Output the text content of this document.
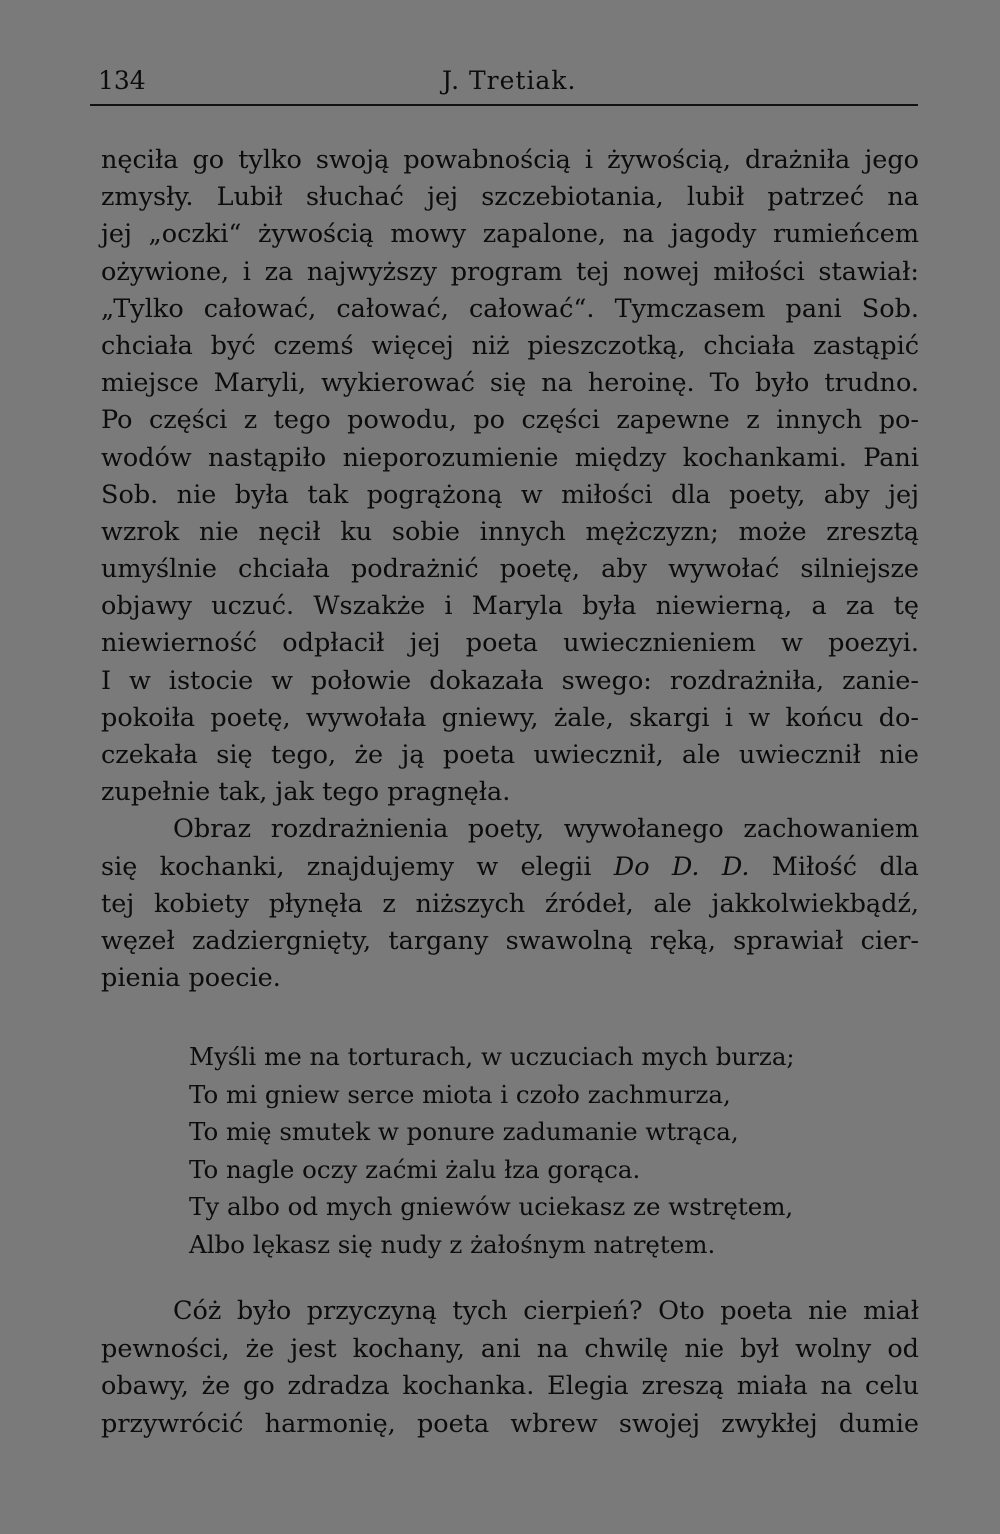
134	J. Tretiak.
nęciła go tylko swoją powabnością i żywością, drażniła jego
zmysły. Lubił słuchać jej szczebiotania, lubił patrzeć na
jej „oczki“ żywością mowy zapalone, na jagody rumieńcem
ożywione, i za najwyższy program tej nowej miłości stawiał:
„Tylko całować, całować, całować“. Tymczasem pani Sob.
chciała być czemś więcej niż pieszczotką, chciała zastąpić
miejsce Maryli, wykierować się na heroinę. To było trudno.
Po części z tego powodu, po części zapewne z innych po-
wodów nastąpiło nieporozumienie między kochankami. Pani
Sob. nie była tak pogrążoną w miłości dla poety, aby jej
wzrok nie nęcił ku sobie innych mężczyzn; może zresztą
umyślnie chciała podrażnić poetę, aby wywołać silniejsze
objawy uczuć. Wszakże i Maryla była niewierną, a za tę
niewierność odpłacił jej poeta uwiecznieniem w poezyi.
I w istocie w połowie dokazała swego: rozdrażniła, zanie-
pokoiła poetę, wywołała gniewy, żale, skargi i w końcu do-
czekała się tego, że ją poeta uwiecznił, ale uwiecznił nie
zupełnie tak, jak tego pragnęła.
Obraz rozdrażnienia poety, wywołanego zachowaniem
się kochanki, znajdujemy w elegii Do D. D. Miłość dla
tej kobiety płynęła z niższych źródeł, ale jakkolwiekbądź,
węzeł zadziergnięty, targany swawolną ręką, sprawiał cier-
pienia poecie.
Myśli me na torturach, w uczuciach mych burza;
To mi gniew serce miota i czoło zachmurza,
To mię smutek w ponure zadumanie wtrąca,
To nagle oczy zaćmi żalu łza gorąca.
Ty albo od mych gniewów uciekasz ze wstrętem,
Albo lękasz się nudy z żałośnym natrętem.
Cóż było przyczyną tych cierpień? Oto poeta nie miał
pewności, że jest kochany, ani na chwilę nie był wolny od
obawy, że go zdradza kochanka. Elegia zreszą miała na celu
przywrócić harmonię, poeta wbrew swojej zwykłej dumie
